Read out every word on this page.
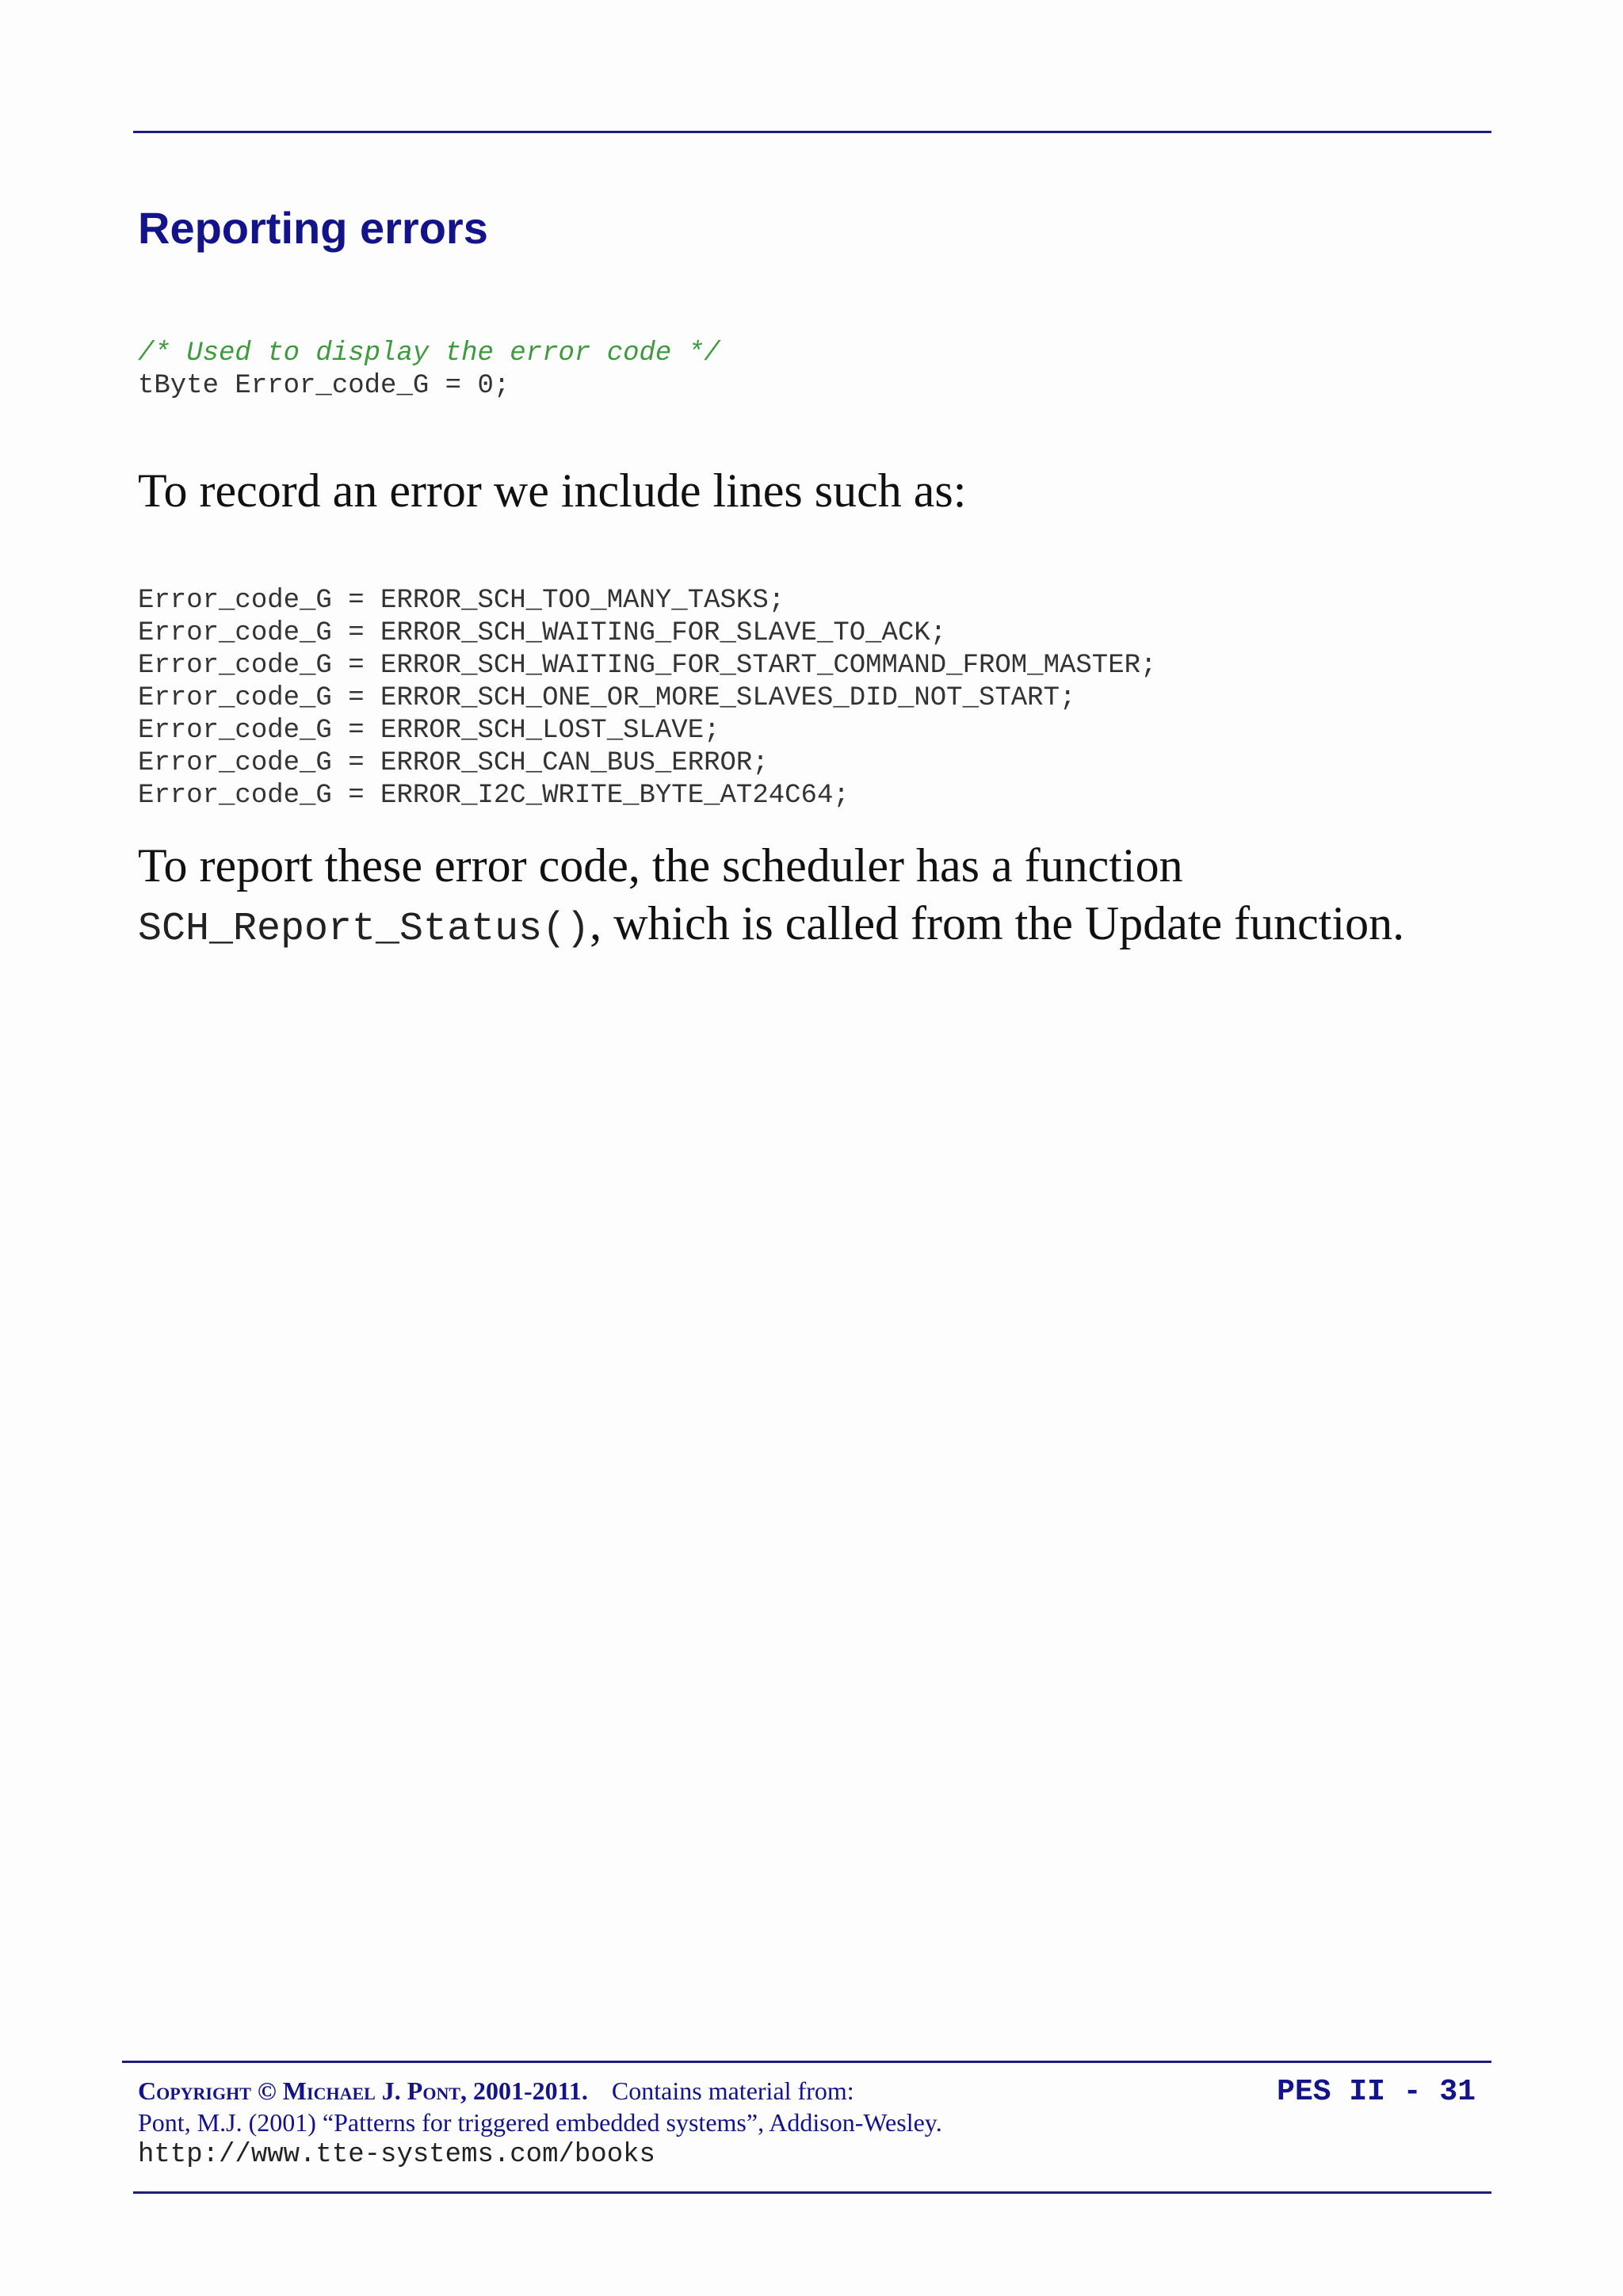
Reporting errors
/* Used to display the error code */
tByte Error_code_G = 0;

To record an error we include lines such as:

Error_code_G = ERROR_SCH_TOO_MANY_TASKS;
Error_code_G = ERROR_SCH_WAITING_FOR_SLAVE_TO_ACK;
Error_code_G = ERROR_SCH_WAITING_FOR_START_COMMAND_FROM_MASTER;
Error_code_G = ERROR_SCH_ONE_OR_MORE_SLAVES_DID_NOT_START;
Error_code_G = ERROR_SCH_LOST_SLAVE;
Error_code_G = ERROR_SCH_CAN_BUS_ERROR;
Error_code_G = ERROR_I2C_WRITE_BYTE_AT24C64;

To report these error code, the scheduler has a function
SCH_Report_Status(), which is called from the Update function.

Copyright © Michael J. Pont, 2001-2011. Contains material from:

Pont, M.J. (2001) “Patterns for triggered embedded systems”, Addison-Wesley.

http://www.tte-systems.com/books

PES II - 31
